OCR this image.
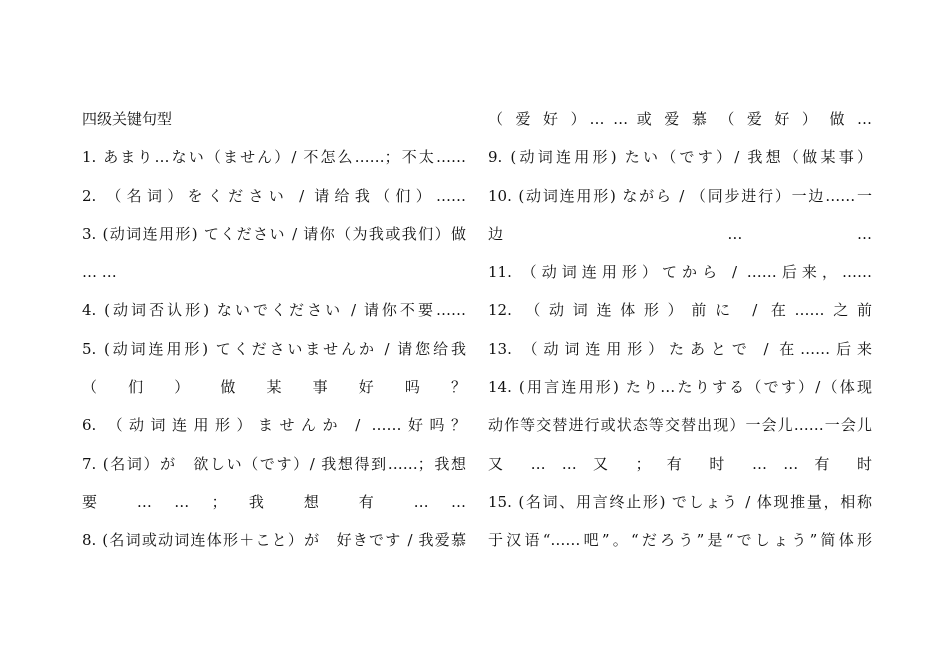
四级关键句型
1. あまり…ない（ません）/ 不怎么……；不太……
2. （名词）をください / 请给我（们）……
3. (动词连用形) てください / 请你（为我或我们）做
… …
4. (动词否认形) ないでください / 请你不要……
5. (动词连用形) てくださいませんか / 请您给我
（ 们 ） 做 某 事 好 吗 ？
6. （动词连用形）ませんか / ……好吗？
7. (名词）が　欲しい（です）/ 我想得到……；我想
要 … … ； 我 想 有 … …
8. (名词或动词连体形＋こと）が　好きです / 我爱慕
（ 爱 好 ）… … 或 爱 慕 （ 爱 好 ） 做 …
9. (动词连用形) たい（です）/ 我想（做某事）
10. (动词连用形) ながら / （同步进行）一边……一
边 … …
11. （动词连用形）てから / ……后来，……
12. （动词连体形）前に / 在……之前
13. （动词连用形）たあとで / 在……后来
14. (用言连用形) たり…たりする（です）/（体现
动作等交替进行或状态等交替出现）一会儿……一会儿
又 … … 又 ； 有 时 … … 有 时
15. (名词、用言终止形) でしょう / 体现推量，相称
于汉语“……吧”。“だろう”是“でしょう”简体形
